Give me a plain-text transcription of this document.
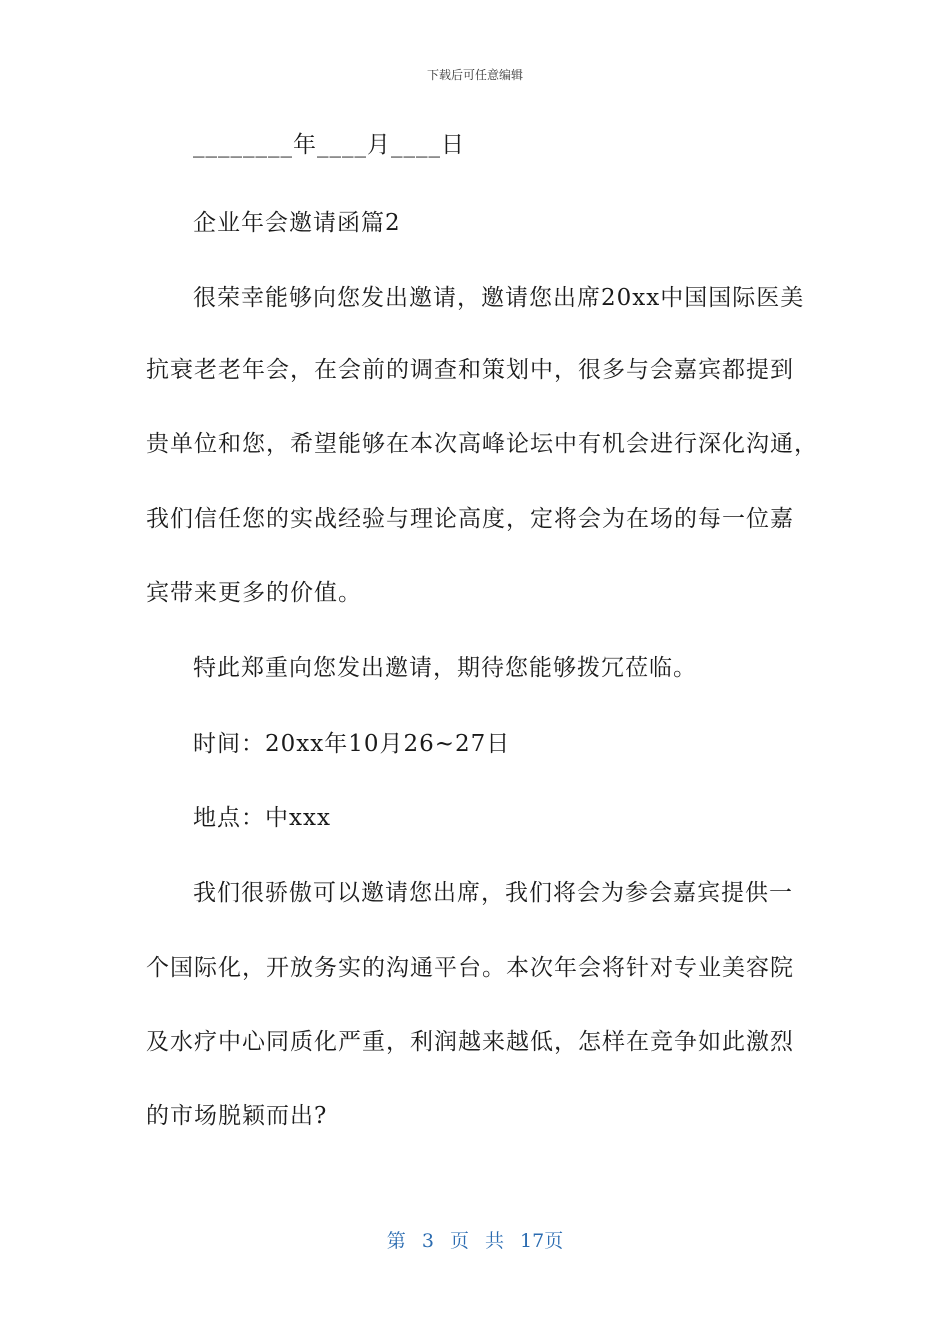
下载后可任意编辑
________年____月____日
企业年会邀请函篇2
很荣幸能够向您发出邀请，邀请您出席20xx中国国际医美
抗衰老老年会，在会前的调查和策划中，很多与会嘉宾都提到
贵单位和您，希望能够在本次高峰论坛中有机会进行深化沟通，
我们信任您的实战经验与理论高度，定将会为在场的每一位嘉
宾带来更多的价值。
特此郑重向您发出邀请，期待您能够拨冗莅临。
时间：20xx年10月26~27日
地点：中xxx
我们很骄傲可以邀请您出席，我们将会为参会嘉宾提供一
个国际化，开放务实的沟通平台。本次年会将针对专业美容院
及水疗中心同质化严重，利润越来越低，怎样在竞争如此激烈
的市场脱颖而出?
第 3 页 共 17页
